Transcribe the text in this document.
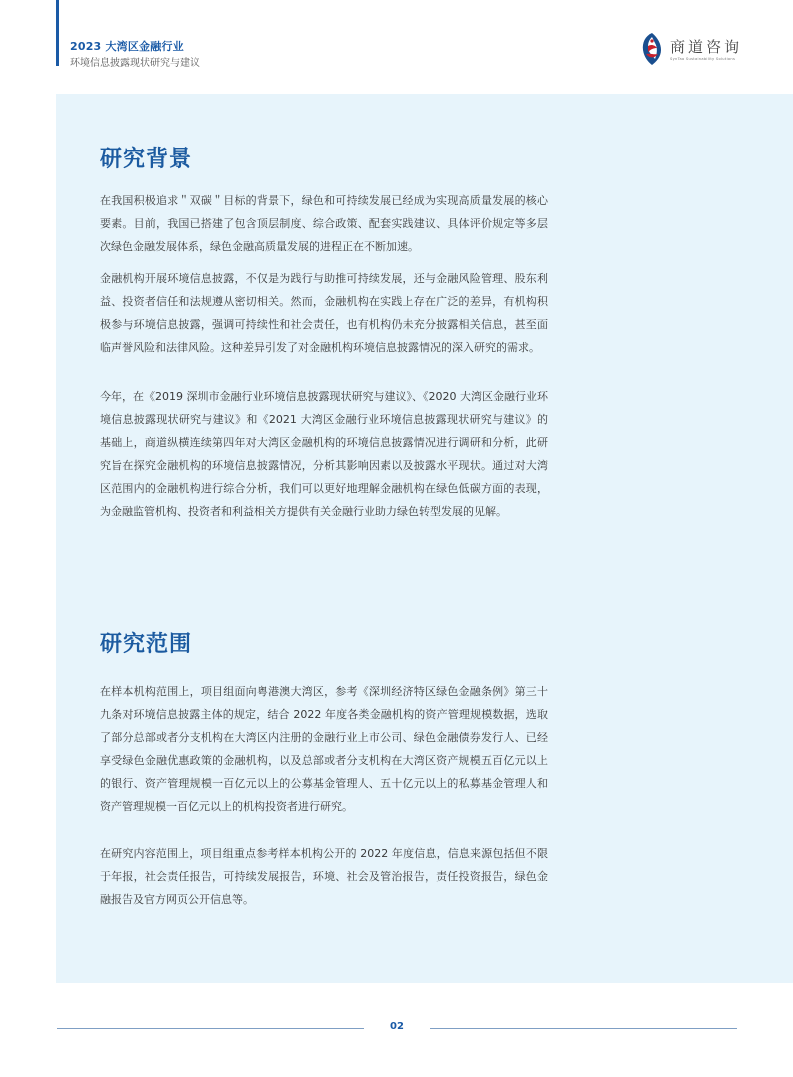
2023 大湾区金融行业
环境信息披露现状研究与建议
商道咨询
SynTao Sustainability Solutions
研究背景

在我国积极追求＂双碳＂目标的背景下，绿色和可持续发展已经成为实现高质量发展的核心要素。目前，我国已搭建了包含顶层制度、综合政策、配套实践建议、具体评价规定等多层次绿色金融发展体系，绿色金融高质量发展的进程正在不断加速。

金融机构开展环境信息披露，不仅是为践行与助推可持续发展，还与金融风险管理、股东利益、投资者信任和法规遵从密切相关。然而，金融机构在实践上存在广泛的差异，有机构积极参与环境信息披露，强调可持续性和社会责任，也有机构仍未充分披露相关信息，甚至面临声誉风险和法律风险。这种差异引发了对金融机构环境信息披露情况的深入研究的需求。

今年，在《2019 深圳市金融行业环境信息披露现状研究与建议》、《2020 大湾区金融行业环境信息披露现状研究与建议》和《2021 大湾区金融行业环境信息披露现状研究与建议》的基础上，商道纵横连续第四年对大湾区金融机构的环境信息披露情况进行调研和分析，此研究旨在探究金融机构的环境信息披露情况，分析其影响因素以及披露水平现状。通过对大湾区范围内的金融机构进行综合分析，我们可以更好地理解金融机构在绿色低碳方面的表现，为金融监管机构、投资者和利益相关方提供有关金融行业助力绿色转型发展的见解。

研究范围

在样本机构范围上，项目组面向粤港澳大湾区，参考《深圳经济特区绿色金融条例》第三十九条对环境信息披露主体的规定，结合 2022 年度各类金融机构的资产管理规模数据，选取了部分总部或者分支机构在大湾区内注册的金融行业上市公司、绿色金融债券发行人、已经享受绿色金融优惠政策的金融机构，以及总部或者分支机构在大湾区资产规模五百亿元以上的银行、资产管理规模一百亿元以上的公募基金管理人、五十亿元以上的私募基金管理人和资产管理规模一百亿元以上的机构投资者进行研究。

在研究内容范围上，项目组重点参考样本机构公开的 2022 年度信息，信息来源包括但不限于年报，社会责任报告，可持续发展报告，环境、社会及管治报告，责任投资报告，绿色金融报告及官方网页公开信息等。

02
